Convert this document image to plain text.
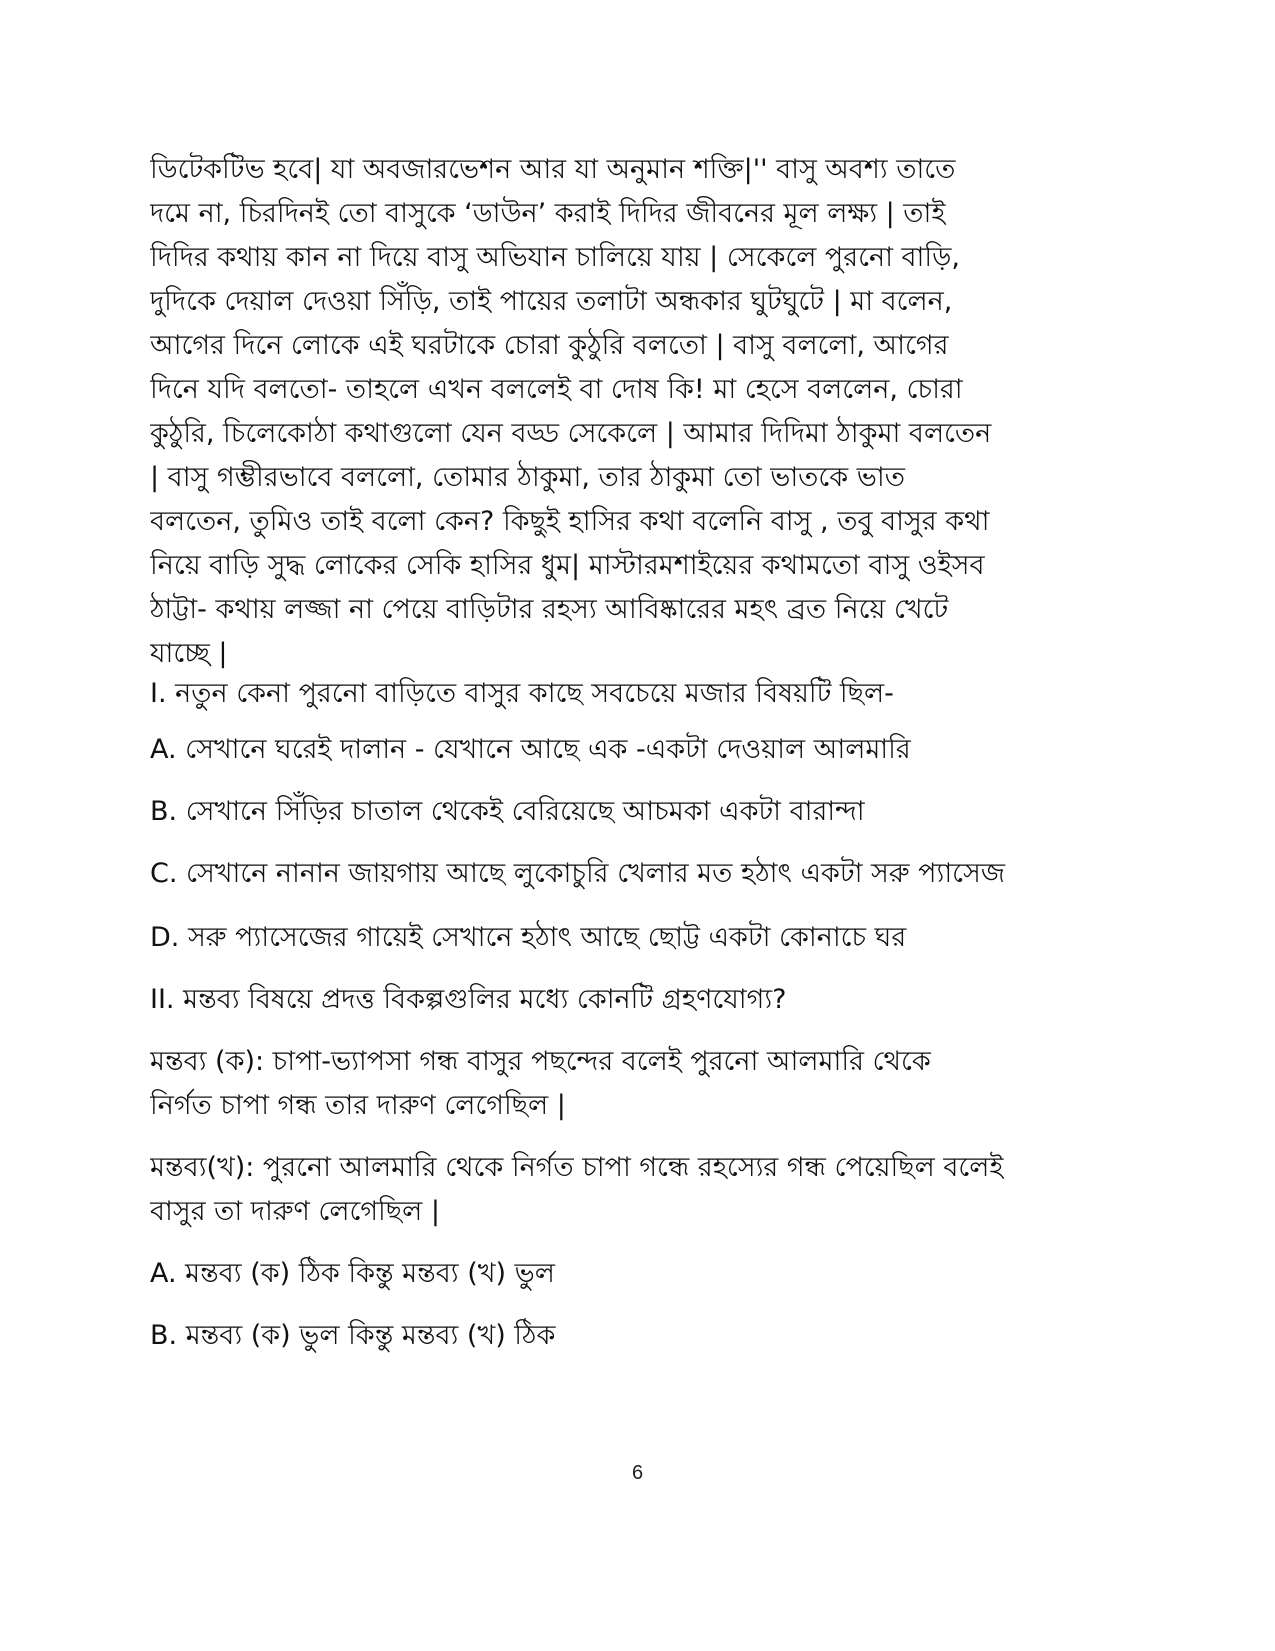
ডিটেকটিভ হবে| যা অবজারভেশন আর যা অনুমান শক্তি|'' বাসু অবশ্য তাতে
দমে না, চিরদিনই তো বাসুকে ‘ডাউন’ করাই দিদির জীবনের মূল লক্ষ্য | তাই
দিদির কথায় কান না দিয়ে বাসু অভিযান চালিয়ে যায় | সেকেলে পুরনো বাড়ি,
দুদিকে দেয়াল দেওয়া সিঁড়ি, তাই পায়ের তলাটা অন্ধকার ঘুটঘুটে | মা বলেন,
আগের দিনে লোকে এই ঘরটাকে চোরা কুঠুরি বলতো | বাসু বললো, আগের
দিনে যদি বলতো- তাহলে এখন বললেই বা দোষ কি! মা হেসে বললেন, চোরা
কুঠুরি, চিলেকোঠা কথাগুলো যেন বড্ড সেকেলে | আমার দিদিমা ঠাকুমা বলতেন
| বাসু গম্ভীরভাবে বললো, তোমার ঠাকুমা, তার ঠাকুমা তো ভাতকে ভাত
বলতেন, তুমিও তাই বলো কেন? কিছুই হাসির কথা বলেনি বাসু , তবু বাসুর কথা
নিয়ে বাড়ি সুদ্ধ লোকের সেকি হাসির ধুম| মাস্টারমশাইয়ের কথামতো বাসু ওইসব
ঠাট্টা- কথায় লজ্জা না পেয়ে বাড়িটার রহস্য আবিষ্কারের মহৎ ব্রত নিয়ে খেটে
যাচ্ছে |
I. নতুন কেনা পুরনো বাড়িতে বাসুর কাছে সবচেয়ে মজার বিষয়টি ছিল-
A. সেখানে ঘরেই দালান - যেখানে আছে এক -একটা দেওয়াল আলমারি
B. সেখানে সিঁড়ির চাতাল থেকেই বেরিয়েছে আচমকা একটা বারান্দা
C. সেখানে নানান জায়গায় আছে লুকোচুরি খেলার মত হঠাৎ একটা সরু প্যাসেজ
D. সরু প্যাসেজের গায়েই সেখানে হঠাৎ আছে ছোট্ট একটা কোনাচে ঘর
II. মন্তব্য বিষয়ে প্রদত্ত বিকল্পগুলির মধ্যে কোনটি গ্রহণযোগ্য?
মন্তব্য (ক): চাপা-ভ্যাপসা গন্ধ বাসুর পছন্দের বলেই পুরনো আলমারি থেকে
নির্গত চাপা গন্ধ তার দারুণ লেগেছিল |
মন্তব্য(খ): পুরনো আলমারি থেকে নির্গত চাপা গন্ধে রহস্যের গন্ধ পেয়েছিল বলেই
বাসুর তা দারুণ লেগেছিল |
A. মন্তব্য (ক) ঠিক কিন্তু মন্তব্য (খ) ভুল
B. মন্তব্য (ক) ভুল কিন্তু মন্তব্য (খ) ঠিক
6
